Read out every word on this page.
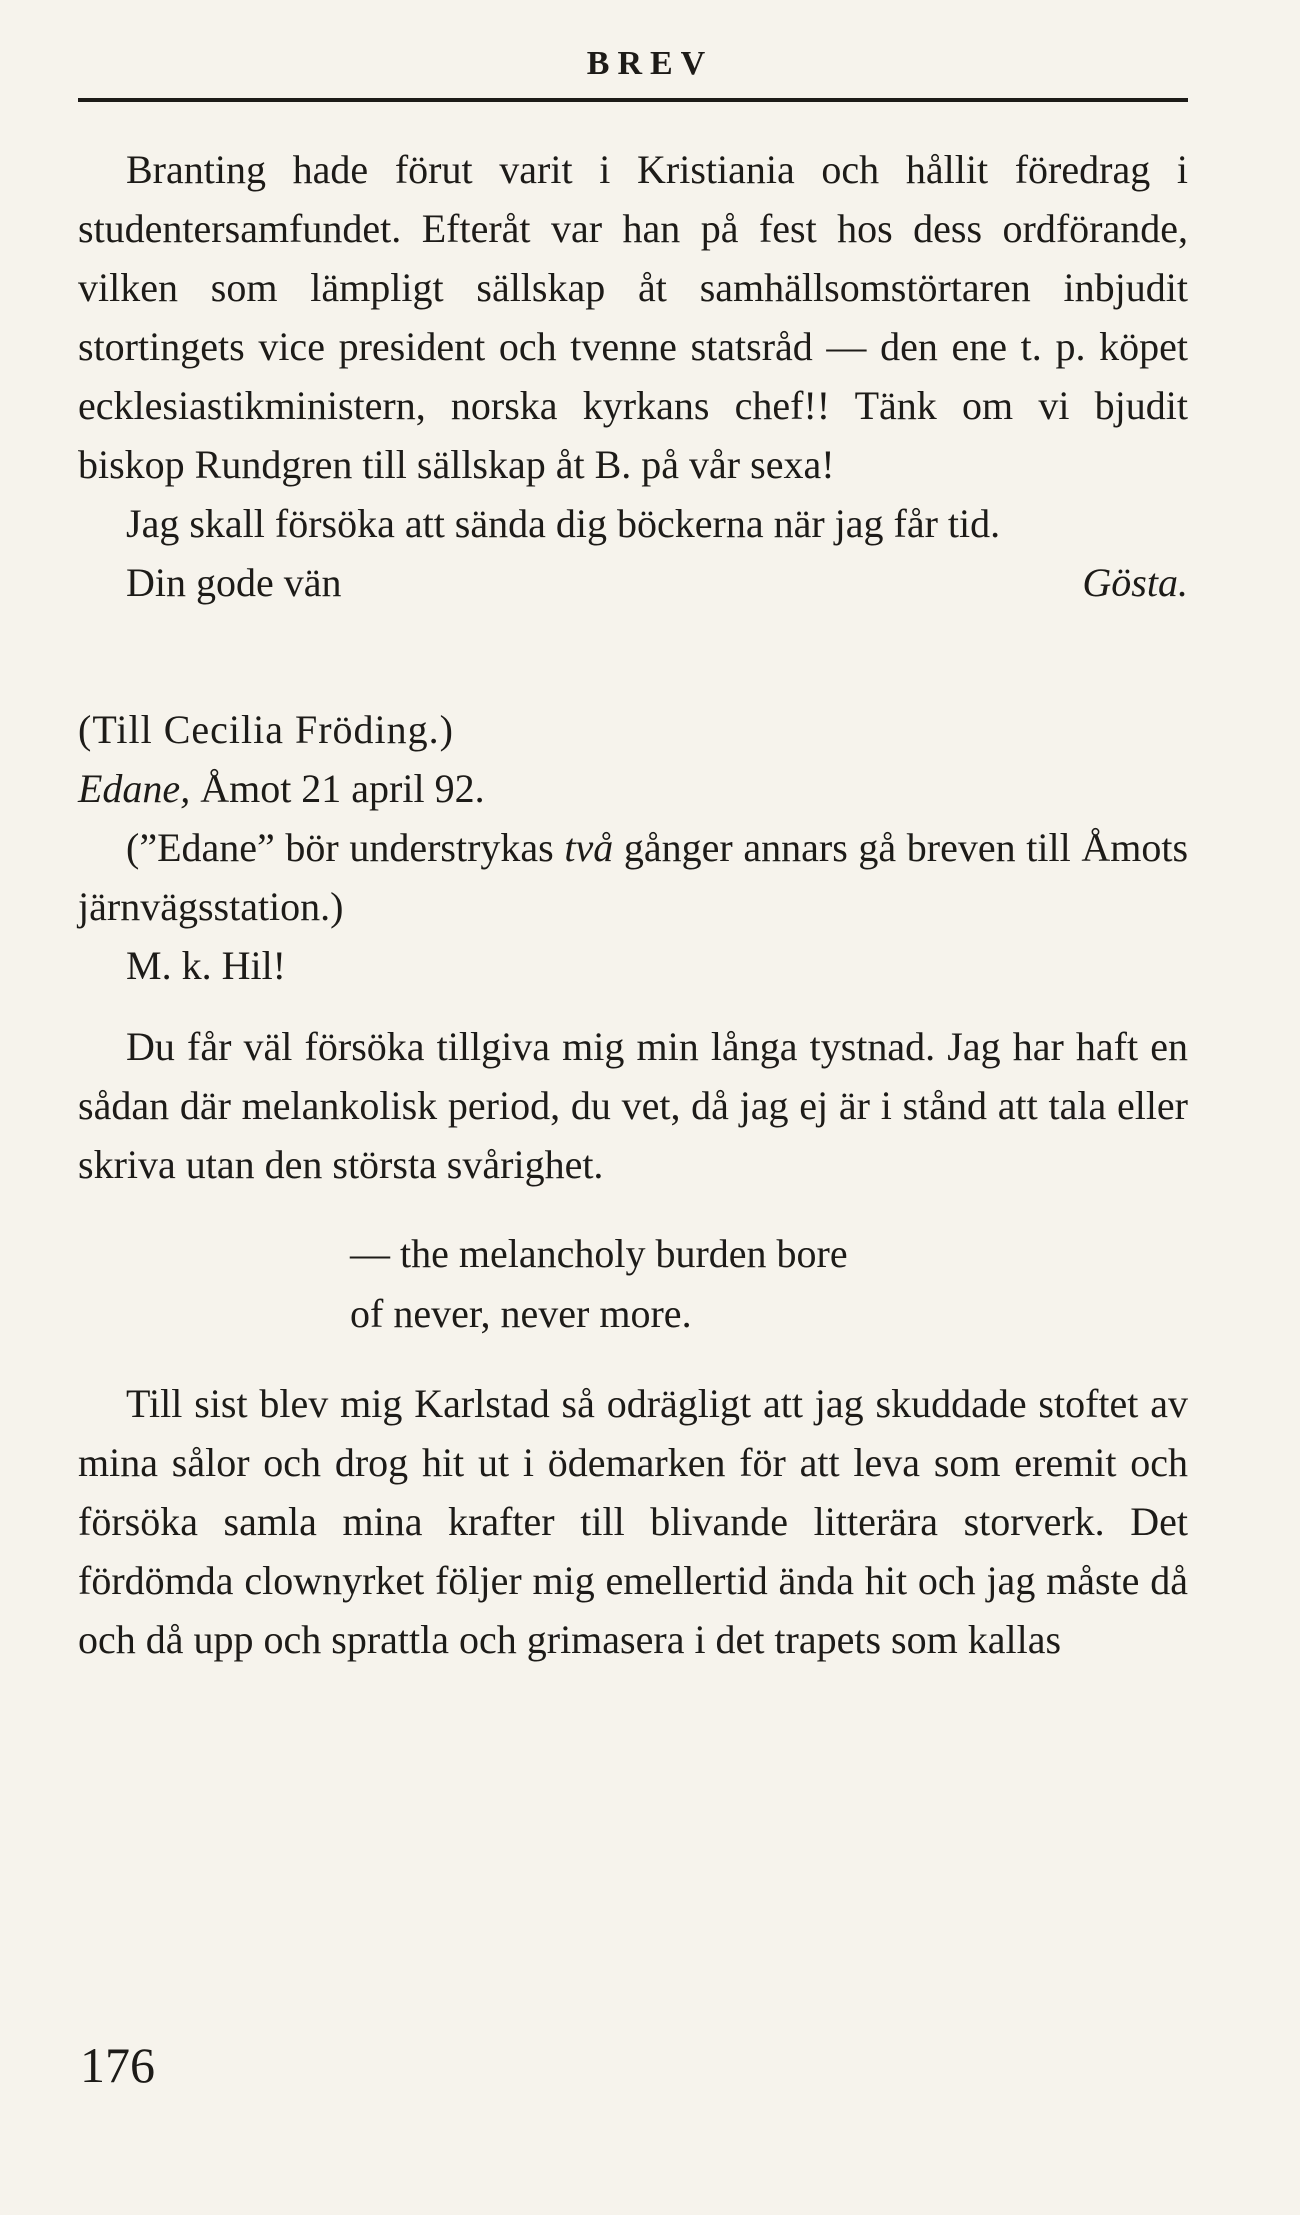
BREV

Branting hade förut varit i Kristiania och hållit föredrag i studentersamfundet. Efteråt var han på fest hos dess ordförande, vilken som lämpligt sällskap åt samhällsomstörtaren inbjudit stortingets vice president och tvenne statsråd — den ene t. p. köpet ecklesiastikministern, norska kyrkans chef!! Tänk om vi bjudit biskop Rundgren till sällskap åt B. på vår sexa!

Jag skall försöka att sända dig böckerna när jag får tid.

Din gode vän	Gösta.

(Till Cecilia Fröding.)

Edane, Åmot 21 april 92.

(”Edane” bör understrykas två gånger annars gå breven till Åmots järnvägsstation.)

M. k. Hil!

Du får väl försöka tillgiva mig min långa tystnad. Jag har haft en sådan där melankolisk period, du vet, då jag ej är i stånd att tala eller skriva utan den största svårighet.

— the melancholy burden bore
of never, never more.

Till sist blev mig Karlstad så odrägligt att jag skuddade stoftet av mina sålor och drog hit ut i ödemarken för att leva som eremit och försöka samla mina krafter till blivande litterära storverk. Det fördömda clownyrket följer mig emellertid ända hit och jag måste då och då upp och sprattla och grimasera i det trapets som kallas

176
